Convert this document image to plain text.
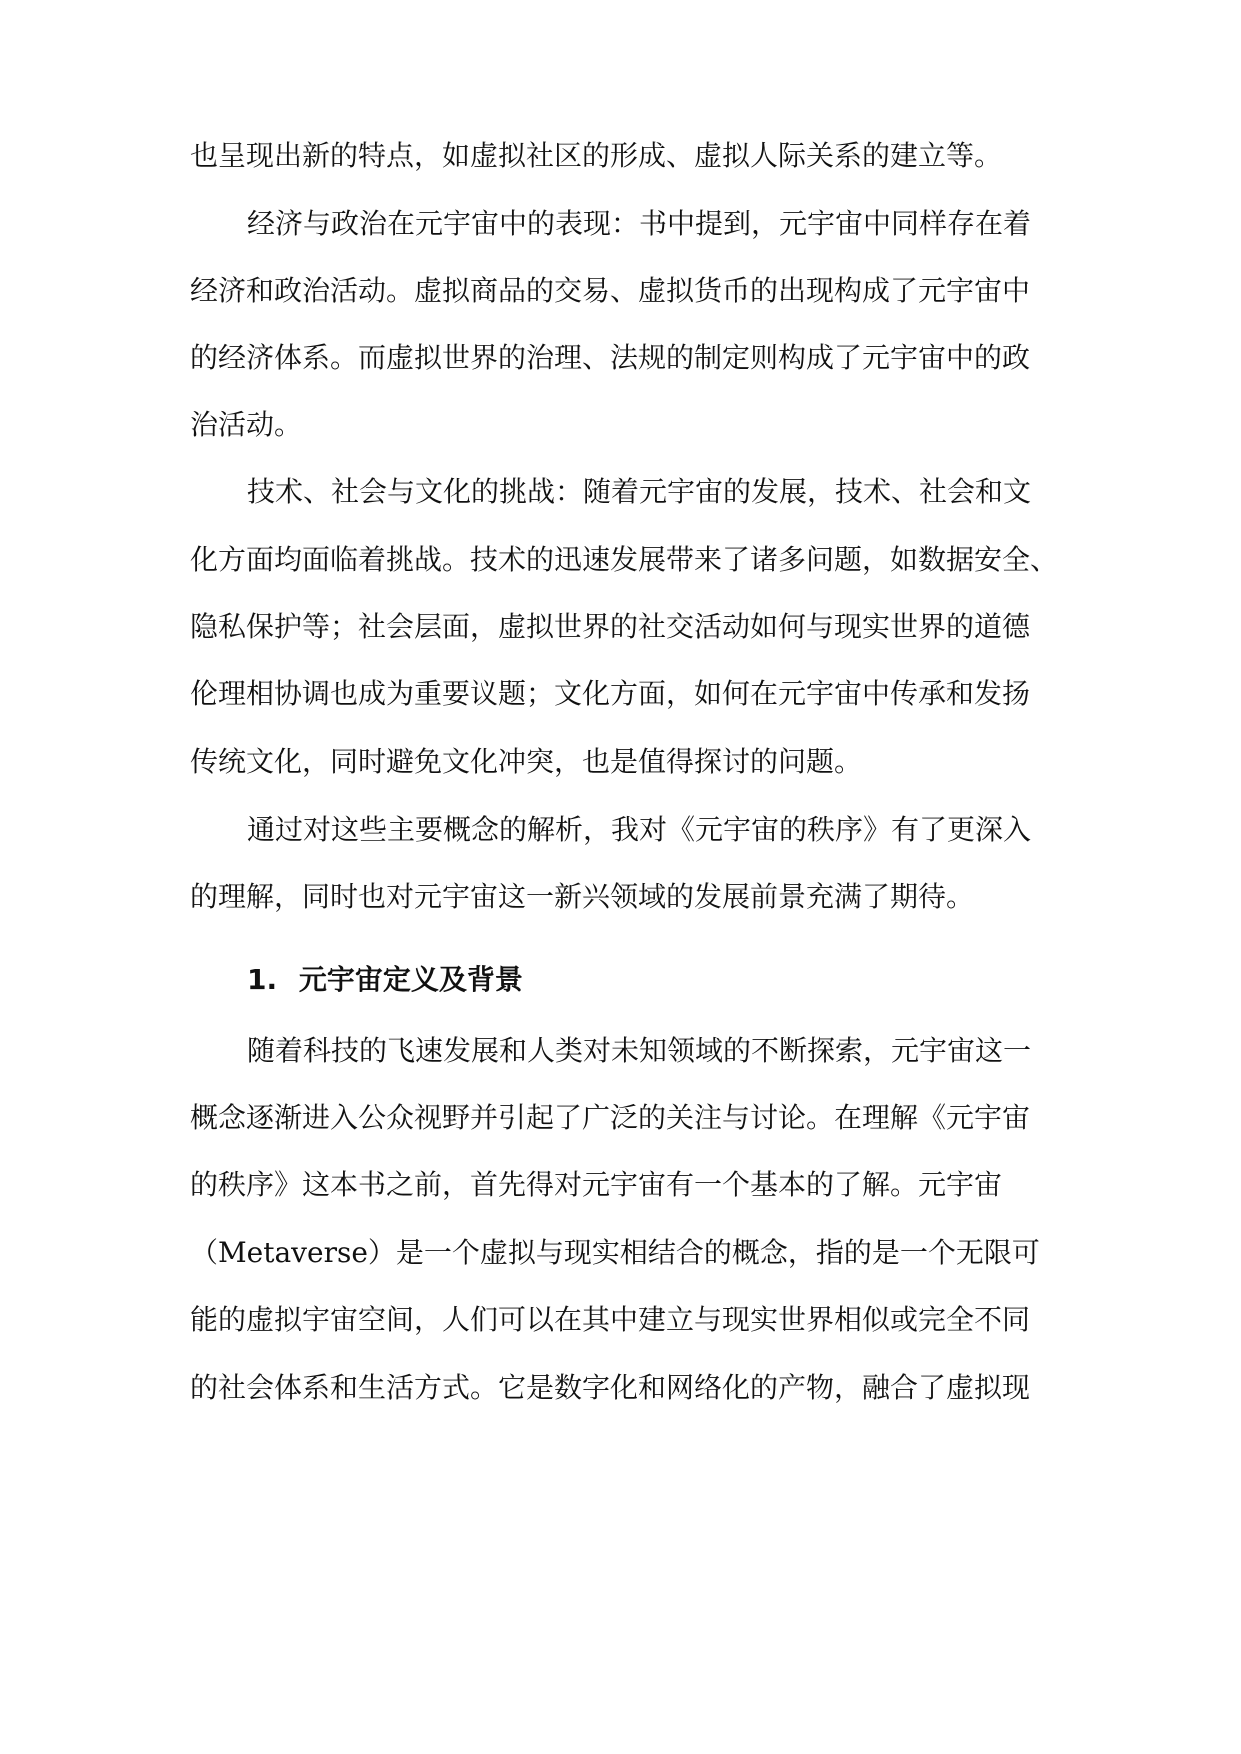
也呈现出新的特点，如虚拟社区的形成、虚拟人际关系的建立等。
经济与政治在元宇宙中的表现：书中提到，元宇宙中同样存在着
经济和政治活动。虚拟商品的交易、虚拟货币的出现构成了元宇宙中
的经济体系。而虚拟世界的治理、法规的制定则构成了元宇宙中的政
治活动。
技术、社会与文化的挑战：随着元宇宙的发展，技术、社会和文
化方面均面临着挑战。技术的迅速发展带来了诸多问题，如数据安全、
隐私保护等；社会层面，虚拟世界的社交活动如何与现实世界的道德
伦理相协调也成为重要议题；文化方面，如何在元宇宙中传承和发扬
传统文化，同时避免文化冲突，也是值得探讨的问题。
通过对这些主要概念的解析，我对《元宇宙的秩序》有了更深入
的理解，同时也对元宇宙这一新兴领域的发展前景充满了期待。
1. 元宇宙定义及背景
随着科技的飞速发展和人类对未知领域的不断探索，元宇宙这一
概念逐渐进入公众视野并引起了广泛的关注与讨论。在理解《元宇宙
的秩序》这本书之前，首先得对元宇宙有一个基本的了解。元宇宙
（Metaverse）是一个虚拟与现实相结合的概念，指的是一个无限可
能的虚拟宇宙空间，人们可以在其中建立与现实世界相似或完全不同
的社会体系和生活方式。它是数字化和网络化的产物，融合了虚拟现
